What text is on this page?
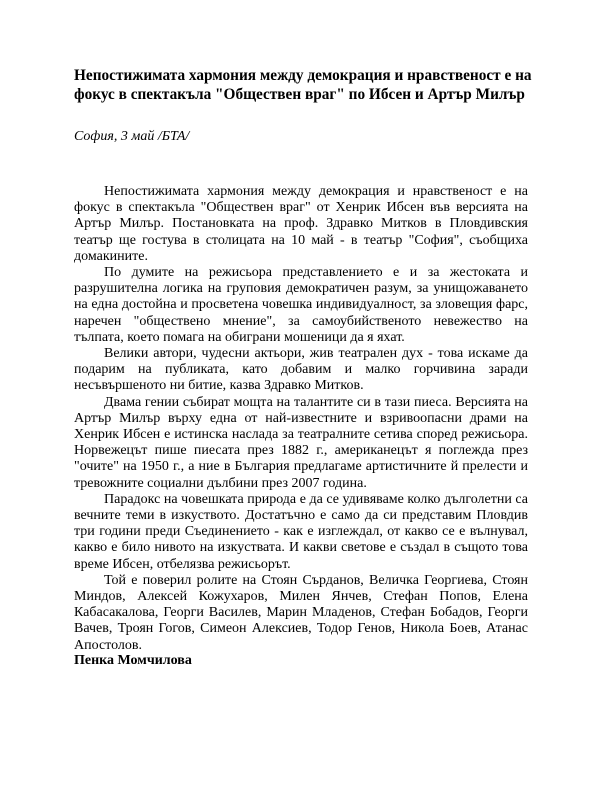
Непостижимата хармония между демокрация и нравственост е на фокус в спектакъла "Обществен враг" по Ибсен и Артър Милър

София, 3 май /БТА/

Непостижимата хармония между демокрация и нравственост е на фокус в спектакъла "Обществен враг" от Хенрик Ибсен във версията на Артър Милър. Постановката на проф. Здравко Митков в Пловдивския театър ще гостува в столицата на 10 май - в театър "София", съобщиха домакините.

По думите на режисьора представлението е и за жестоката и разрушителна логика на груповия демократичен разум, за унищожаването на една достойна и просветена човешка индивидуалност, за зловещия фарс, наречен "обществено мнение", за самоубийственото невежество на тълпата, което помага на обиграни мошеници да я яхат.

Велики автори, чудесни актьори, жив театрален дух - това искаме да подарим на публиката, като добавим и малко горчивина заради несъвършеното ни битие, казва Здравко Митков.

Двама гении събират мощта на талантите си в тази пиеса. Версията на Артър Милър върху една от най-известните и взривоопасни драми на Хенрик Ибсен е истинска наслада за театралните сетива според режисьора. Норвежецът пише пиесата през 1882 г., американецът я поглежда през "очите" на 1950 г., а ние в България предлагаме артистичните й прелести и тревожните социални дълбини през 2007 година.

Парадокс на човешката природа е да се удивяваме колко дълголетни са вечните теми в изкуството. Достатъчно е само да си представим Пловдив три години преди Съединението - как е изглеждал, от какво се е вълнувал, какво е било нивото на изкуствата. И какви светове е създал в същото това време Ибсен, отбелязва режисьорът.

Той е поверил ролите на Стоян Сърданов, Величка Георгиева, Стоян Миндов, Алексей Кожухаров, Милен Янчев, Стефан Попов, Елена Кабасакалова, Георги Василев, Марин Младенов, Стефан Бобадов, Георги Вачев, Троян Гогов, Симеон Алексиев, Тодор Генов, Никола Боев, Атанас Апостолов.

Пенка Момчилова
